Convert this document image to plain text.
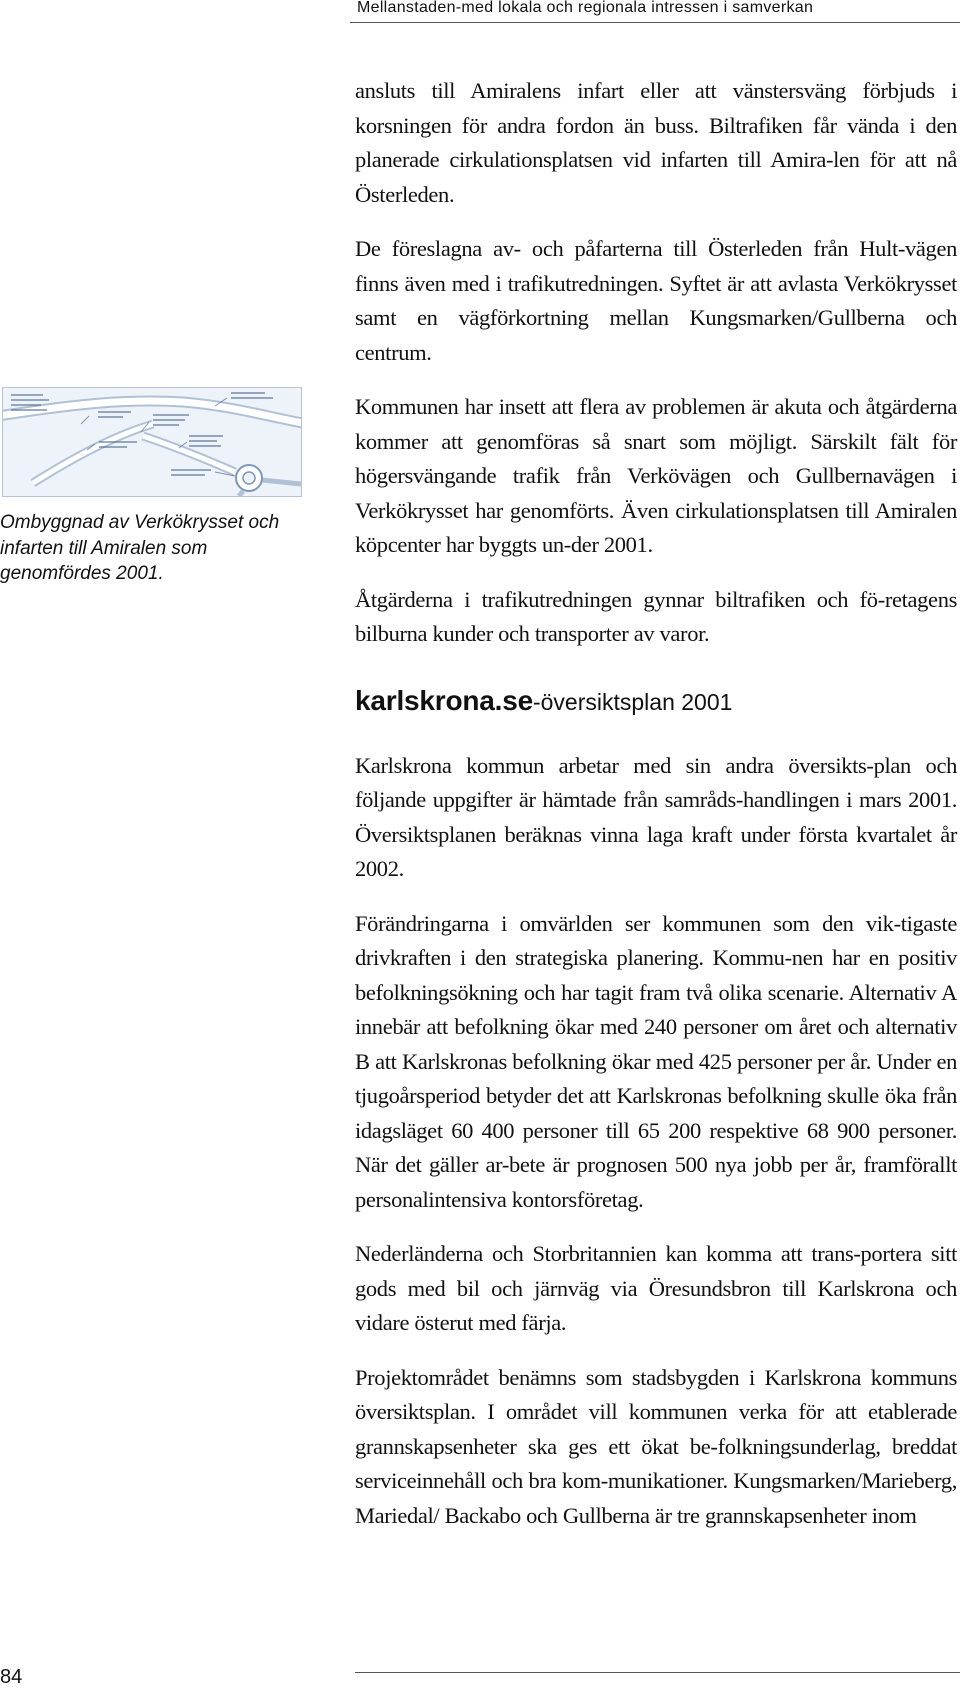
Mellanstaden-med lokala och regionala intressen i samverkan
Ombyggnad av Verkökrysset och infarten till Amiralen som genomfördes 2001.

ansluts till Amiralens infart eller att vänstersväng förbjuds i korsningen för andra fordon än buss. Biltrafiken får vända i den planerade cirkulationsplatsen vid infarten till Amira-len för att nå Österleden.

De föreslagna av- och påfarterna till Österleden från Hult-vägen finns även med i trafikutredningen. Syftet är att avlasta Verkökrysset samt en vägförkortning mellan Kungsmarken/Gullberna och centrum.

Kommunen har insett att flera av problemen är akuta och åtgärderna kommer att genomföras så snart som möjligt. Särskilt fält för högersvängande trafik från Verkövägen och Gullbernavägen i Verkökrysset har genomförts. Även cirkulationsplatsen till Amiralen köpcenter har byggts un-der 2001.

Åtgärderna i trafikutredningen gynnar biltrafiken och fö-retagens bilburna kunder och transporter av varor.

karlskrona.se-översiktsplan 2001

Karlskrona kommun arbetar med sin andra översikts-plan och följande uppgifter är hämtade från samråds-handlingen i mars 2001. Översiktsplanen beräknas vinna laga kraft under första kvartalet år 2002.

Förändringarna i omvärlden ser kommunen som den vik-tigaste drivkraften i den strategiska planering. Kommu-nen har en positiv befolkningsökning och har tagit fram två olika scenarie. Alternativ A innebär att befolkning ökar med 240 personer om året och alternativ B att Karlskronas befolkning ökar med 425 personer per år. Under en tjugoårsperiod betyder det att Karlskronas befolkning skulle öka från idagsläget 60 400 personer till 65 200 respektive 68 900 personer. När det gäller ar-bete är prognosen 500 nya jobb per år, framförallt personalintensiva kontorsföretag.

Nederländerna och Storbritannien kan komma att trans-portera sitt gods med bil och järnväg via Öresundsbron till Karlskrona och vidare österut med färja.

Projektområdet benämns som stadsbygden i Karlskrona kommuns översiktsplan. I området vill kommunen verka för att etablerade grannskapsenheter ska ges ett ökat be-folkningsunderlag, breddat serviceinnehåll och bra kom-munikationer. Kungsmarken/Marieberg, Mariedal/ Backabo och Gullberna är tre grannskapsenheter inom

84
